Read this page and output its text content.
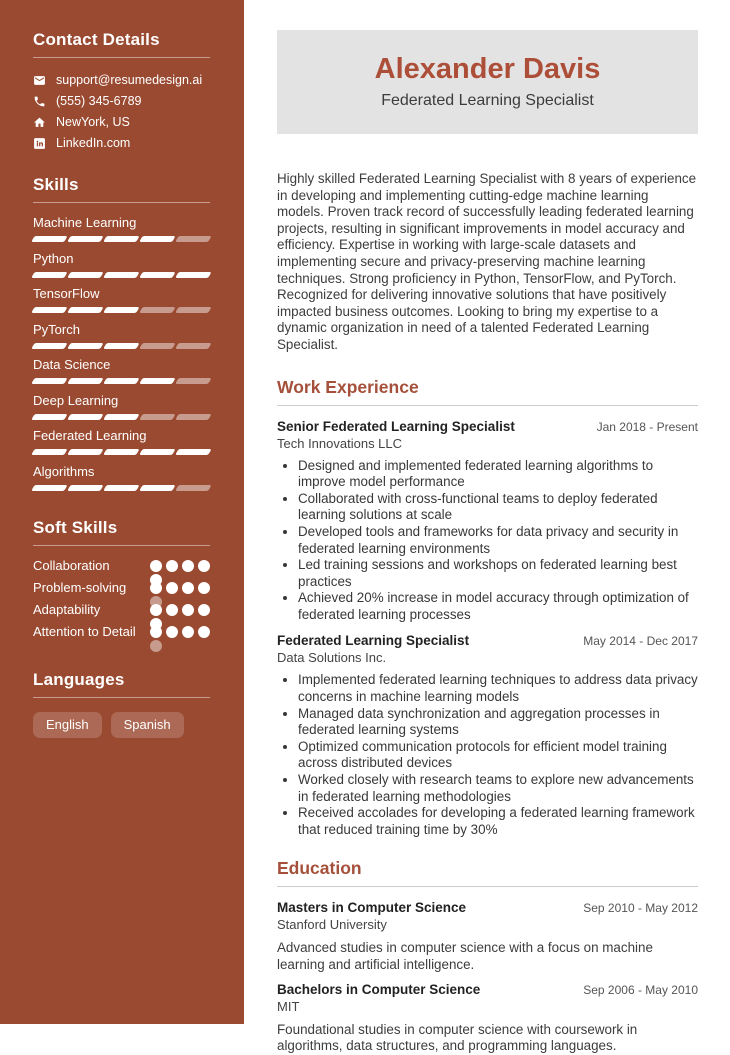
Contact Details
support@resumedesign.ai
(555) 345-6789
NewYork, US
LinkedIn.com
Skills
Machine Learning
Python
TensorFlow
PyTorch
Data Science
Deep Learning
Federated Learning
Algorithms
Soft Skills
Collaboration
Problem-solving
Adaptability
Attention to Detail
Languages
English	Spanish
Alexander Davis
Federated Learning Specialist

Highly skilled Federated Learning Specialist with 8 years of experience in developing and implementing cutting-edge machine learning models. Proven track record of successfully leading federated learning projects, resulting in significant improvements in model accuracy and efficiency. Expertise in working with large-scale datasets and implementing secure and privacy-preserving machine learning techniques. Strong proficiency in Python, TensorFlow, and PyTorch. Recognized for delivering innovative solutions that have positively impacted business outcomes. Looking to bring my expertise to a dynamic organization in need of a talented Federated Learning Specialist.

Work Experience
Senior Federated Learning Specialist	Jan 2018 - Present
Tech Innovations LLC
• Designed and implemented federated learning algorithms to improve model performance
• Collaborated with cross-functional teams to deploy federated learning solutions at scale
• Developed tools and frameworks for data privacy and security in federated learning environments
• Led training sessions and workshops on federated learning best practices
• Achieved 20% increase in model accuracy through optimization of federated learning processes
Federated Learning Specialist	May 2014 - Dec 2017
Data Solutions Inc.
• Implemented federated learning techniques to address data privacy concerns in machine learning models
• Managed data synchronization and aggregation processes in federated learning systems
• Optimized communication protocols for efficient model training across distributed devices
• Worked closely with research teams to explore new advancements in federated learning methodologies
• Received accolades for developing a federated learning framework that reduced training time by 30%
Education
Masters in Computer Science	Sep 2010 - May 2012
Stanford University

Advanced studies in computer science with a focus on machine learning and artificial intelligence.

Bachelors in Computer Science	Sep 2006 - May 2010
MIT

Foundational studies in computer science with coursework in algorithms, data structures, and programming languages.
